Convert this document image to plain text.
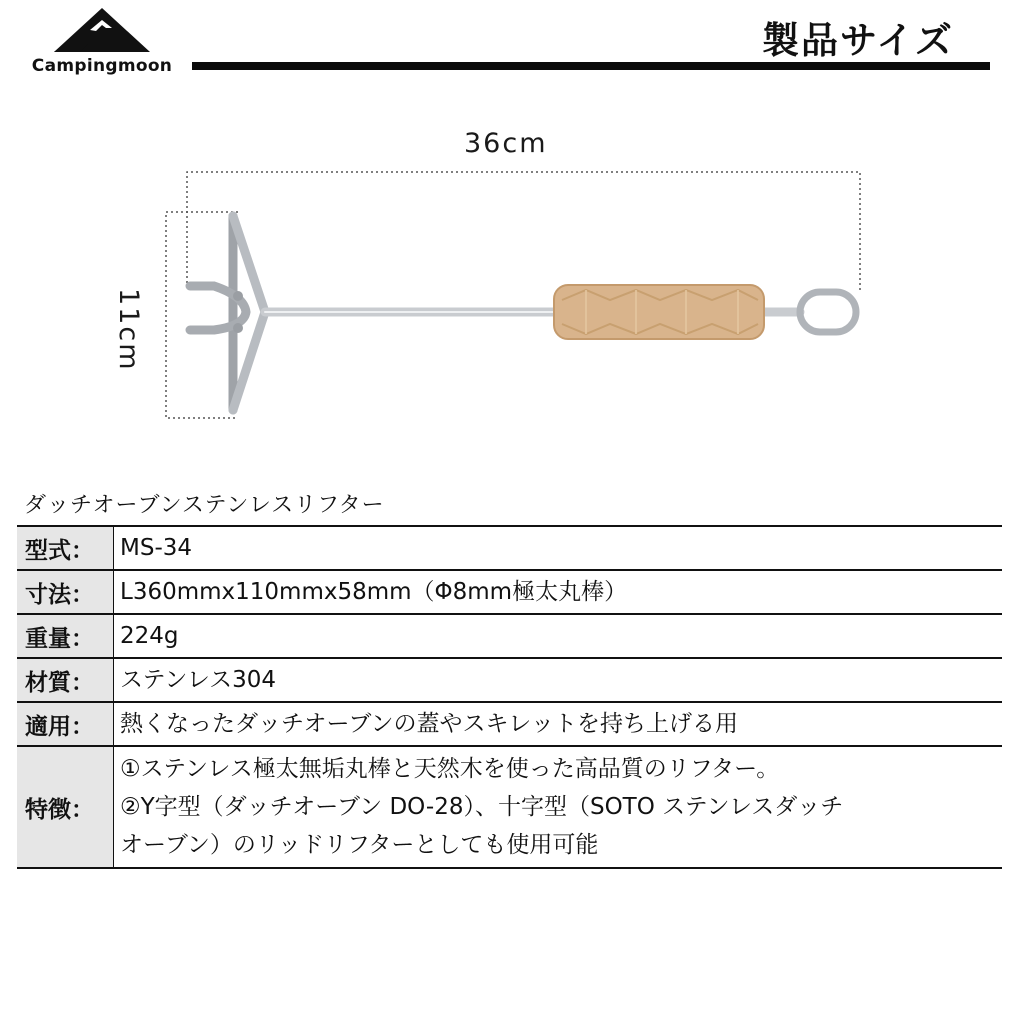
Campingmoon
製品サイズ
36cm
11cm
ダッチオーブンステンレスリフター
型式：	MS-34
寸法：	L360mmx110mmx58mm（Φ8mm極太丸棒）
重量：	224g
材質：	ステンレス304
適用：	熱くなったダッチオーブンの蓋やスキレットを持ち上げる用
特徴：	①ステンレス極太無垢丸棒と天然木を使った高品質のリフター。
②Y字型（ダッチオーブン DO-28）、十字型（SOTO ステンレスダッチ
オーブン）のリッドリフターとしても使用可能
